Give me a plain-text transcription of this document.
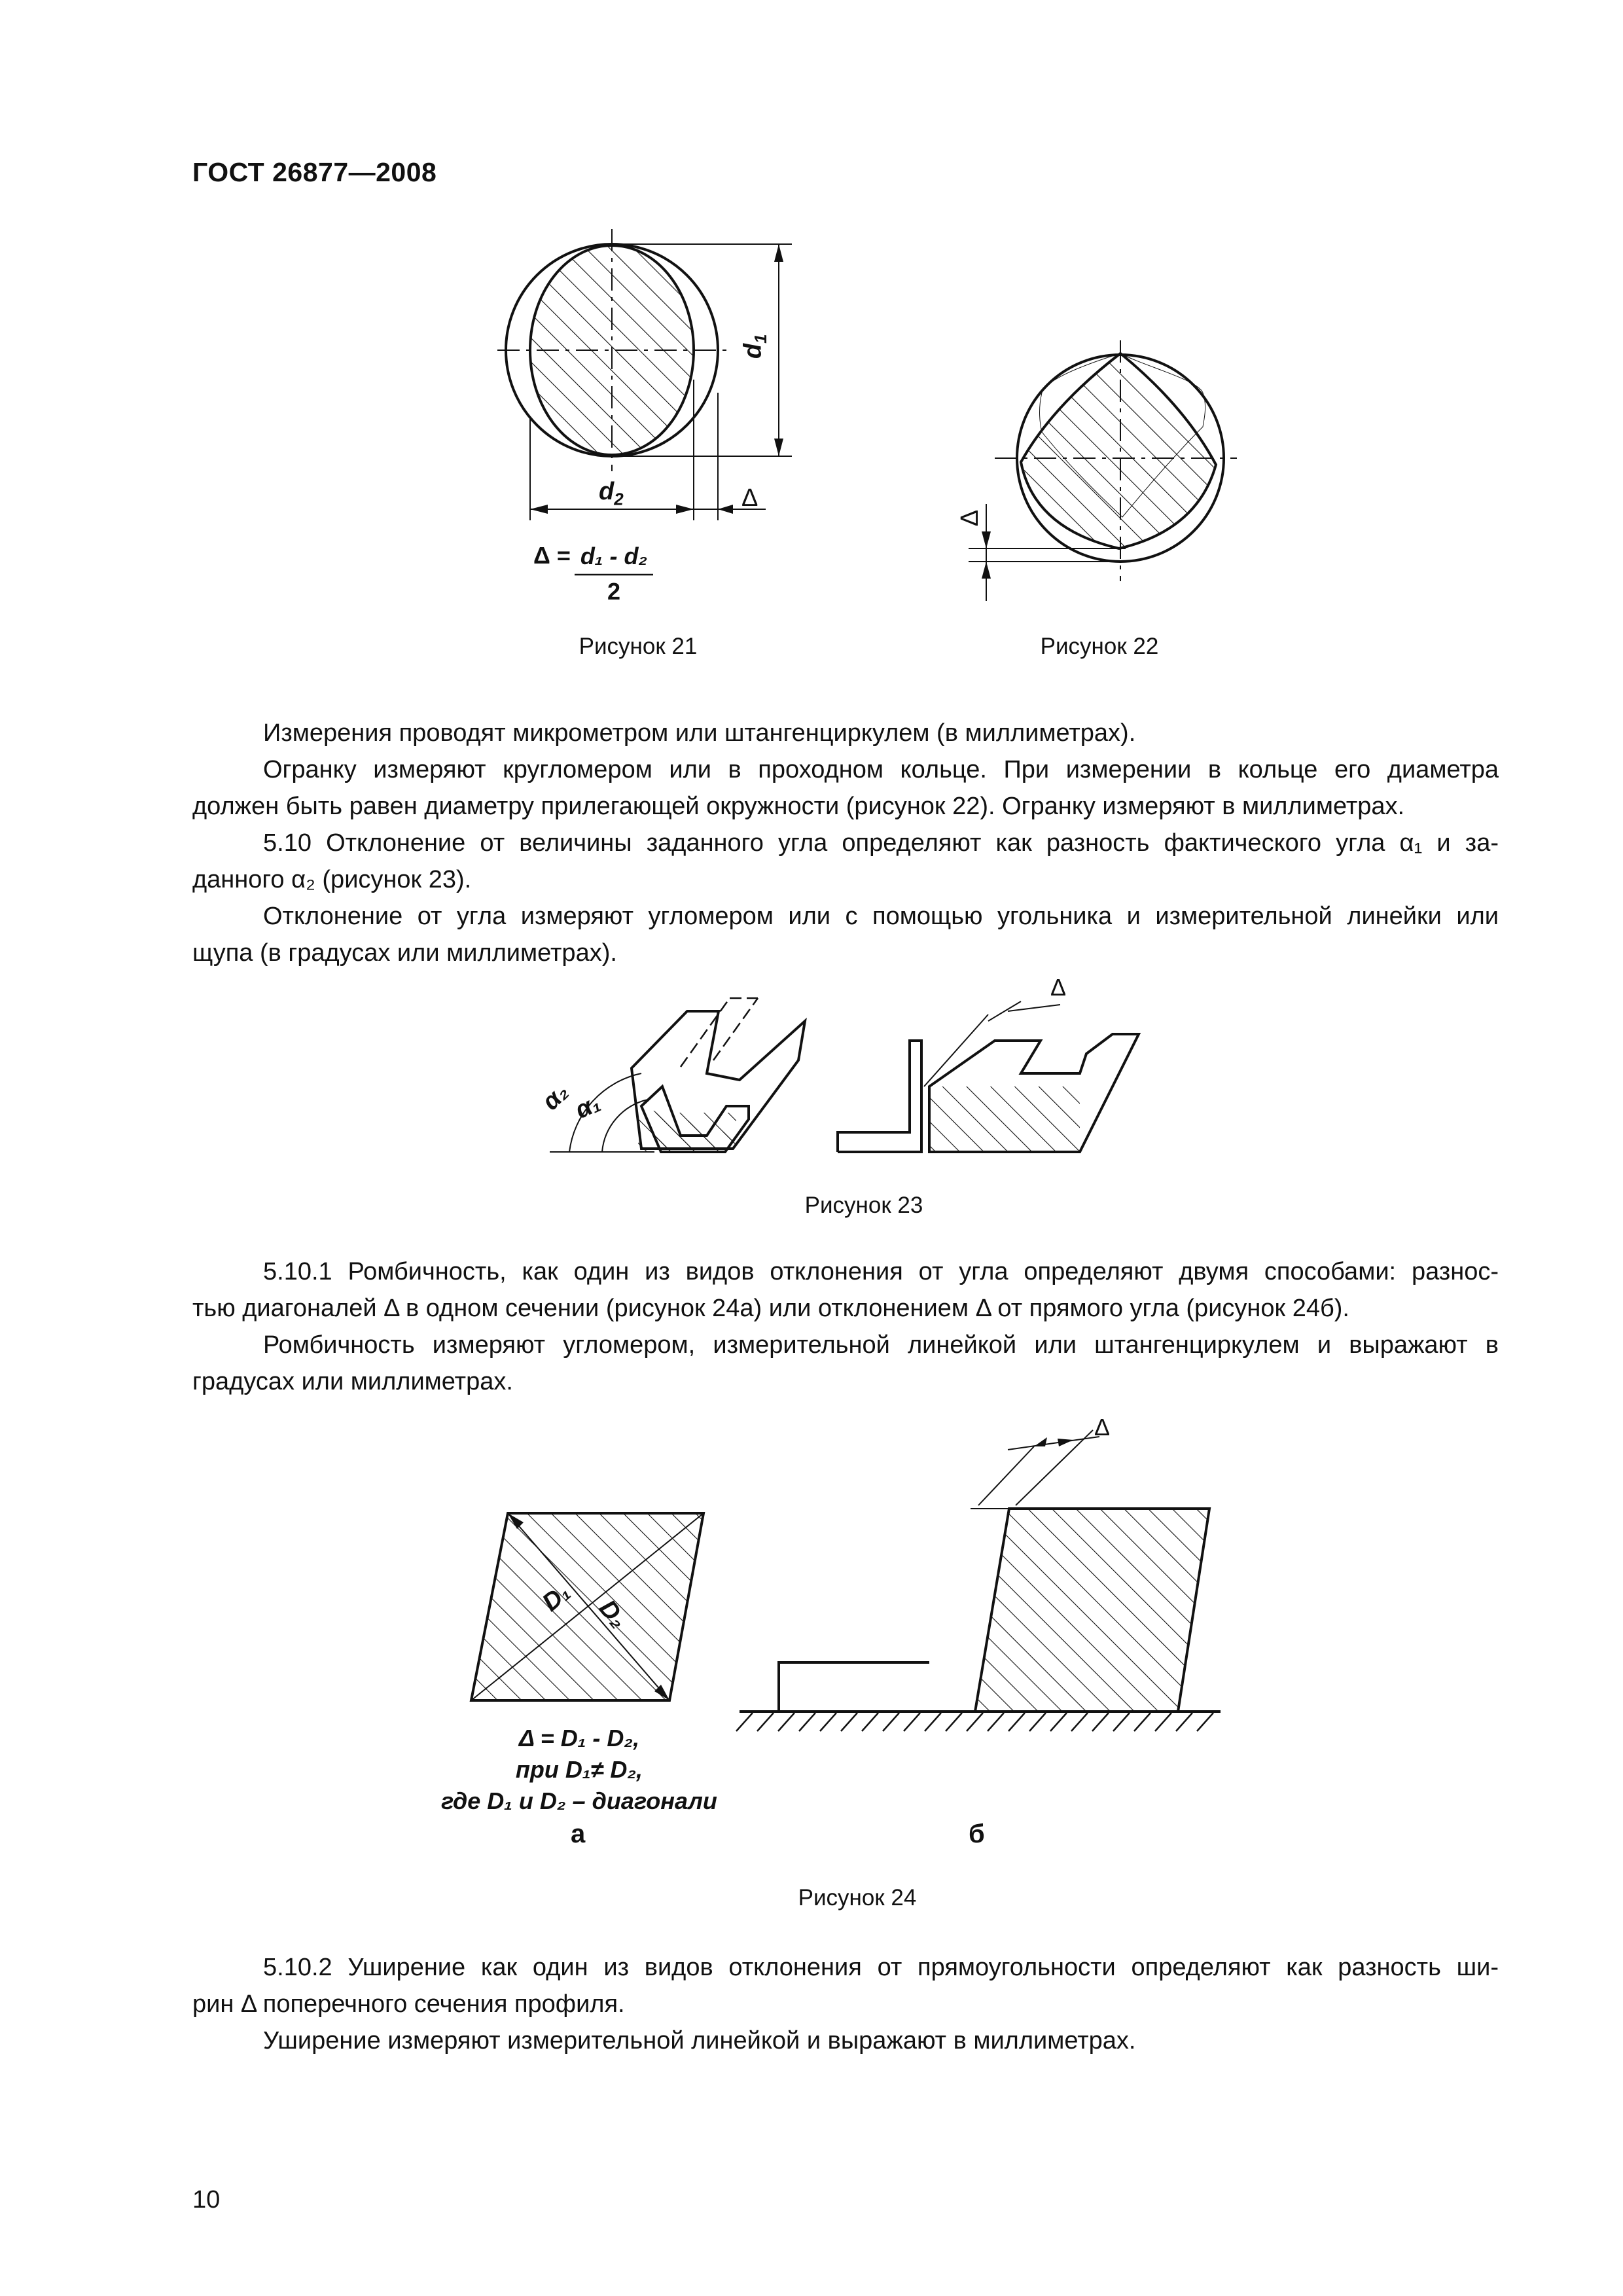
ГОСТ 26877—2008
$d_1$
$d_2$	Δ
Δ = d₁ - d₂
2
Рисунок 21
Δ
Рисунок 22

Измерения проводят микрометром или штангенциркулем (в миллиметрах).

Огранку измеряют кругломером или в проходном кольце. При измерении в кольце его диаметра

должен быть равен диаметру прилегающей окружности (рисунок 22). Огранку измеряют в миллиметрах.

5.10 Отклонение от величины заданного угла определяют как разность фактического угла α₁ и за-

данного α₂ (рисунок 23).

Отклонение от угла измеряют угломером или с помощью угольника и измерительной линейки или

щупа (в градусах или миллиметрах).

Δ
α₂
α₁
Рисунок 23

5.10.1 Ромбичность, как один из видов отклонения от угла определяют двумя способами: разнос-

тью диагоналей Δ в одном сечении (рисунок 24а) или отклонением Δ от прямого угла (рисунок 24б).

Ромбичность измеряют угломером, измерительной линейкой или штангенциркулем и выражают в

градусах или миллиметрах.

D₁ D₂
Δ
Δ = D₁ - D₂,
при D₁≠ D₂,
где D₁ и D₂ – диагонали
а	б
Рисунок 24

5.10.2 Уширение как один из видов отклонения от прямоугольности определяют как разность ши-

рин Δ поперечного сечения профиля.

Уширение измеряют измерительной линейкой и выражают в миллиметрах.

10
